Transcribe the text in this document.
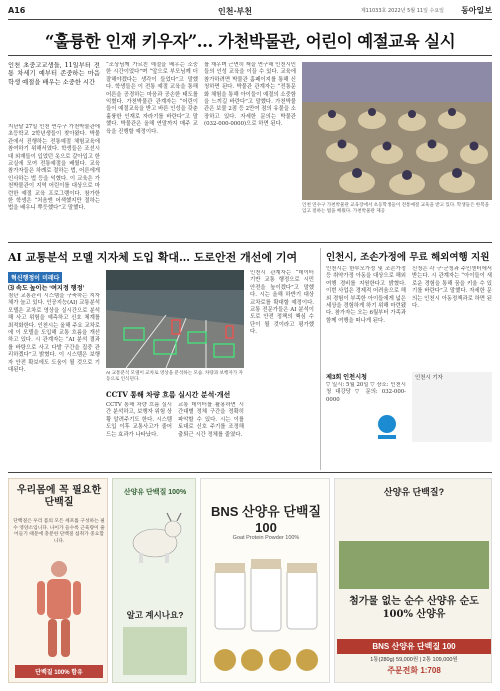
A16	인천·부천	제11033호 2022년 5월 11일 수요일 동아일보
“훌륭한 인재 키우자”… 가천박물관, 어린이 예절교육 실시
인천 초중고교생들, 11일부터 전통 차세기 예부터 존중하는 마음 학생 예절을 배우는 소중한 시간
지난달 27일 인천 연수구 가천박물관에 초등학교 2학년생들이 찾아왔다. 박물관에서 진행하는 전통예절 체험교육에 참여하기 위해서였다. 학생들은 조선시대 외재들이 입었던 옷으로 갈아입고 한 교실에 모여 전통예절을 배웠다. 교육 참가자들은 차례로 절하는 법, 어른에게 인사하는 법 등을 익혔다. 이 교육은 가천박물관이 지역 어린이를 대상으로 마련한 예절 교육 프로그램이다. 참가한 한 학생은 “처음엔 어색했지만 절하는 법을 배우니 뿌듯했다”고 말했다.
“조상님께 가르친 예절을 배우는 소중한 시간이었다”며 “앞으로 부모님께 더 잘해야겠다는 생각이 들었다”고 말했다. 학생들은 이 전통 예절 교육을 통해 어른을 공경하는 마음과 공손한 태도를 익혔다. 가천박물관 관계자는 “어린이들이 예절교육을 받고 바른 인성을 갖춘 훌륭한 인재로 자라기를 바란다”고 말했다. 박물관은 올해 연말까지 매주 교육을 진행할 예정이다.
를 재우며 근면히 책을 연구해 인천시민들의 인성 교육을 이끌 수 있다. 교육에 참가하려면 박물관 홈페이지를 통해 신청하면 된다. 박물관 관계자는 “전통문화 체험을 통해 아이들이 예절의 소중함을 느끼길 바란다”고 말했다. 가천박물관은 보물 2점 등 2만여 점의 유물을 소장하고 있다. 자세한 문의는 박물관(032-000-0000)으로 하면 된다.
인천 연수구 가천박물관 교육장에서 초등학생들이 전통예절 교육을 받고 있다. 학생들은 한복을 입고 절하는 법을 배웠다. 가천박물관 제공
AI 교통분석 모델 지자체 도입 확대… 도로안전 개선에 기여
혁신행정이 미래다
⑶ 속도 높이는 ‘여지정 행정’
첨단 교통관리 시스템을 구축하는 지자체가 늘고 있다. 인공지능(AI) 교통분석 모델은 교차로 영상을 실시간으로 분석해 사고 위험을 예측하고 신호 체계를 최적화한다. 인천시는 올해 주요 교차로에 이 모델을 도입해 교통 흐름을 개선하고 있다. 시 관계자는 “AI 분석 결과를 바탕으로 사고 다발 구간을 집중 관리하겠다”고 밝혔다. 이 시스템은 보행자 안전 확보에도 도움이 될 것으로 기대된다.	AI 교통분석 모델이 교차로 영상을 분석하는 모습. 차량과 보행자가 자동으로 인식된다.
CCTV 통해 차량 흐름 실시간 분석·개선
CCTV 통해 차량 흐름 실시간 분석하고, 보행자 위험 상황 알려주기도 한다. 시스템 도입 이후 교통사고가 줄어드는 효과가 나타났다.
교통 데이터를 활용하면 시간대별 정체 구간을 정확히 파악할 수 있다. 시는 이를 토대로 신호 주기를 조정해 출퇴근 시간 정체를 줄였다.
인천시 관계자는 “데이터 기반 교통 행정으로 시민 안전을 높이겠다”고 말했다. 시는 올해 하반기 대상 교차로를 확대할 예정이다. 교통 전문가들은 AI 분석이 도로 안전 정책의 핵심 수단이 될 것이라고 평가했다.
인천시, 조손가정에 무료 해외여행 지원
인천시는 한부모가정 및 조손가정 등 취약가정 아동을 대상으로 해외여행 경비를 지원한다고 밝혔다. 이번 사업은 경제적 어려움으로 해외 경험이 부족한 아이들에게 넓은 세상을 경험하게 하기 위해 마련됐다. 참가자는 오는 6월부터 가족과 함께 여행을 떠나게 된다.
신청은 각 구·군청과 주민센터에서 받는다. 시 관계자는 “아이들이 새로운 경험을 통해 꿈을 키울 수 있기를 바란다”고 말했다. 자세한 문의는 인천시 아동정책과로 하면 된다.
제3회 인천시청
▽ 일시: 5월 20일 ▽ 장소: 인천시청 대강당 ▽ 문의: 032-000-0000
인천시 기자
우리몸에 꼭 필요한 단백질
단백질은 우리 몸의 모든 세포를 구성하는 필수 영양소입니다. 나이가 들수록 근육량이 줄어들기 때문에 충분한 단백질 섭취가 중요합니다.
단백질 100% 함유
산양유 단백질 100%
알고 계시나요?
BNS 산양유 단백질 100
Goat Protein Powder 100%
산양유 단백질?
첨가물 없는 순수 산양유 순도 100% 산양유
BNS 산양유 단백질 100
1통(280g) 59,000원 | 2통 109,000원
주문전화 1:708
